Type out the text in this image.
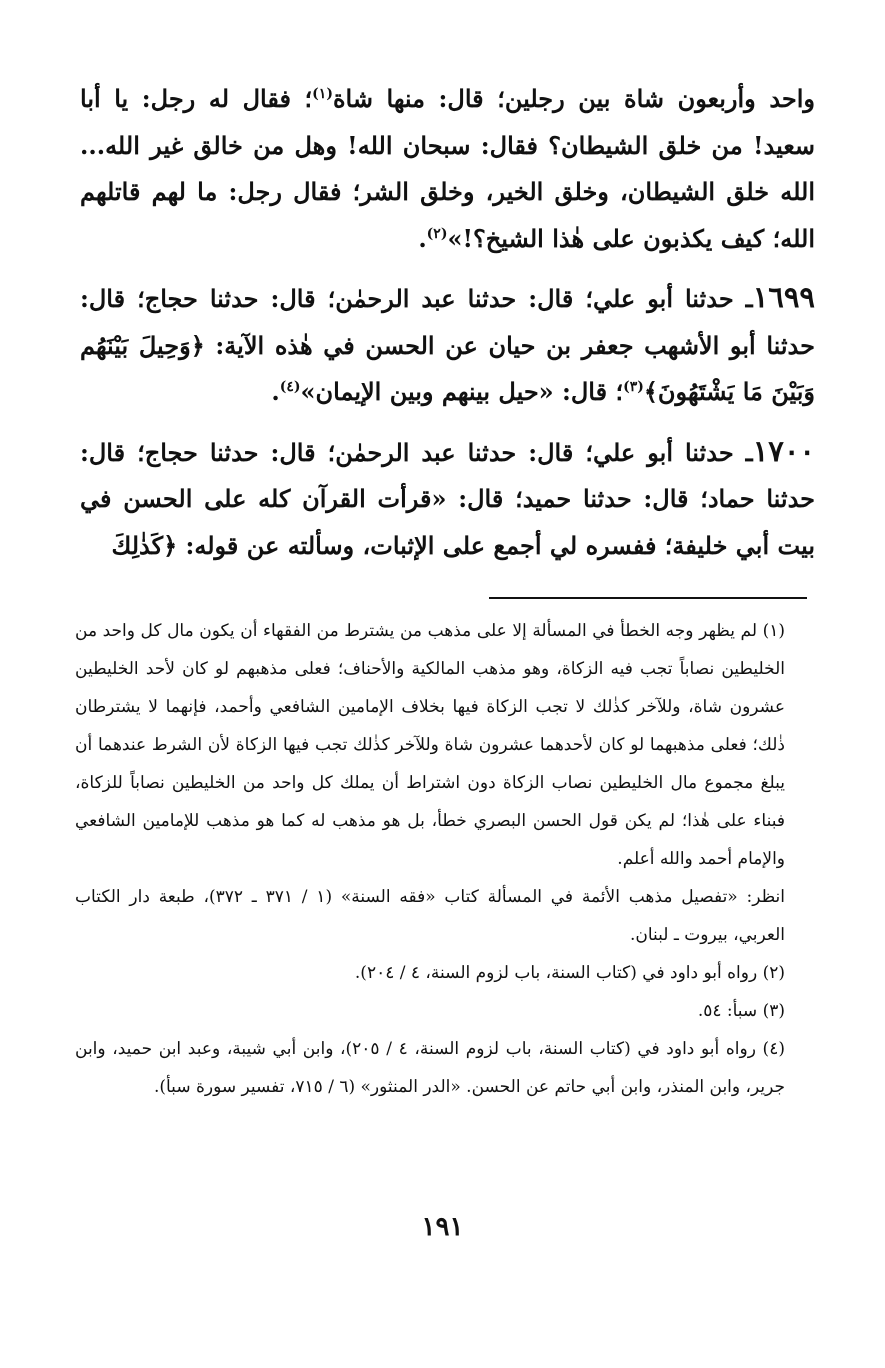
واحد وأربعون شاة بين رجلين؛ قال: منها شاة$^{(١)}$؛ فقال له رجل: يا أبا سعيد! من خلق الشيطان؟ فقال: سبحان الله! وهل من خالق غير الله... الله خلق الشيطان، وخلق الخير، وخلق الشر؛ فقال رجل: ما لهم قاتلهم الله؛ كيف يكذبون على هٰذا الشيخ؟!»$^{(٢)}$.

١٦٩٩ـ حدثنا أبو علي؛ قال: حدثنا عبد الرحمٰن؛ قال: حدثنا حجاج؛ قال: حدثنا أبو الأشهب جعفر بن حيان عن الحسن في هٰذه الآية: ﴿وَحِيلَ بَيْنَهُم وَبَيْنَ مَا يَشْتَهُونَ﴾$^{(٣)}$؛ قال: «حيل بينهم وبين الإيمان»$^{(٤)}$.

١٧٠٠ـ حدثنا أبو علي؛ قال: حدثنا عبد الرحمٰن؛ قال: حدثنا حجاج؛ قال: حدثنا حماد؛ قال: حدثنا حميد؛ قال: «قرأت القرآن كله على الحسن في بيت أبي خليفة؛ ففسره لي أجمع على الإثبات، وسألته عن قوله: ﴿كَذٰلِكَ

(١) لم يظهر وجه الخطأ في المسألة إلا على مذهب من يشترط من الفقهاء أن يكون مال كل واحد من الخليطين نصاباً تجب فيه الزكاة، وهو مذهب المالكية والأحناف؛ فعلى مذهبهم لو كان لأحد الخليطين عشرون شاة، وللآخر كذٰلك لا تجب الزكاة فيها بخلاف الإمامين الشافعي وأحمد، فإنهما لا يشترطان ذٰلك؛ فعلى مذهبهما لو كان لأحدهما عشرون شاة وللآخر كذٰلك تجب فيها الزكاة لأن الشرط عندهما أن يبلغ مجموع مال الخليطين نصاب الزكاة دون اشتراط أن يملك كل واحد من الخليطين نصاباً للزكاة، فبناء على هٰذا؛ لم يكن قول الحسن البصري خطأ، بل هو مذهب له كما هو مذهب للإمامين الشافعي والإمام أحمد والله أعلم.

انظر: «تفصيل مذهب الأئمة في المسألة كتاب «فقه السنة» (١ / ٣٧١ ـ ٣٧٢)، طبعة دار الكتاب العربي، بيروت ـ لبنان.

(٢) رواه أبو داود في (كتاب السنة، باب لزوم السنة، ٤ / ٢٠٤).

(٣) سبأ: ٥٤.

(٤) رواه أبو داود في (كتاب السنة، باب لزوم السنة، ٤ / ٢٠٥)، وابن أبي شيبة، وعبد ابن حميد، وابن جرير، وابن المنذر، وابن أبي حاتم عن الحسن. «الدر المنثور» (٦ / ٧١٥، تفسير سورة سبأ).

١٩١
